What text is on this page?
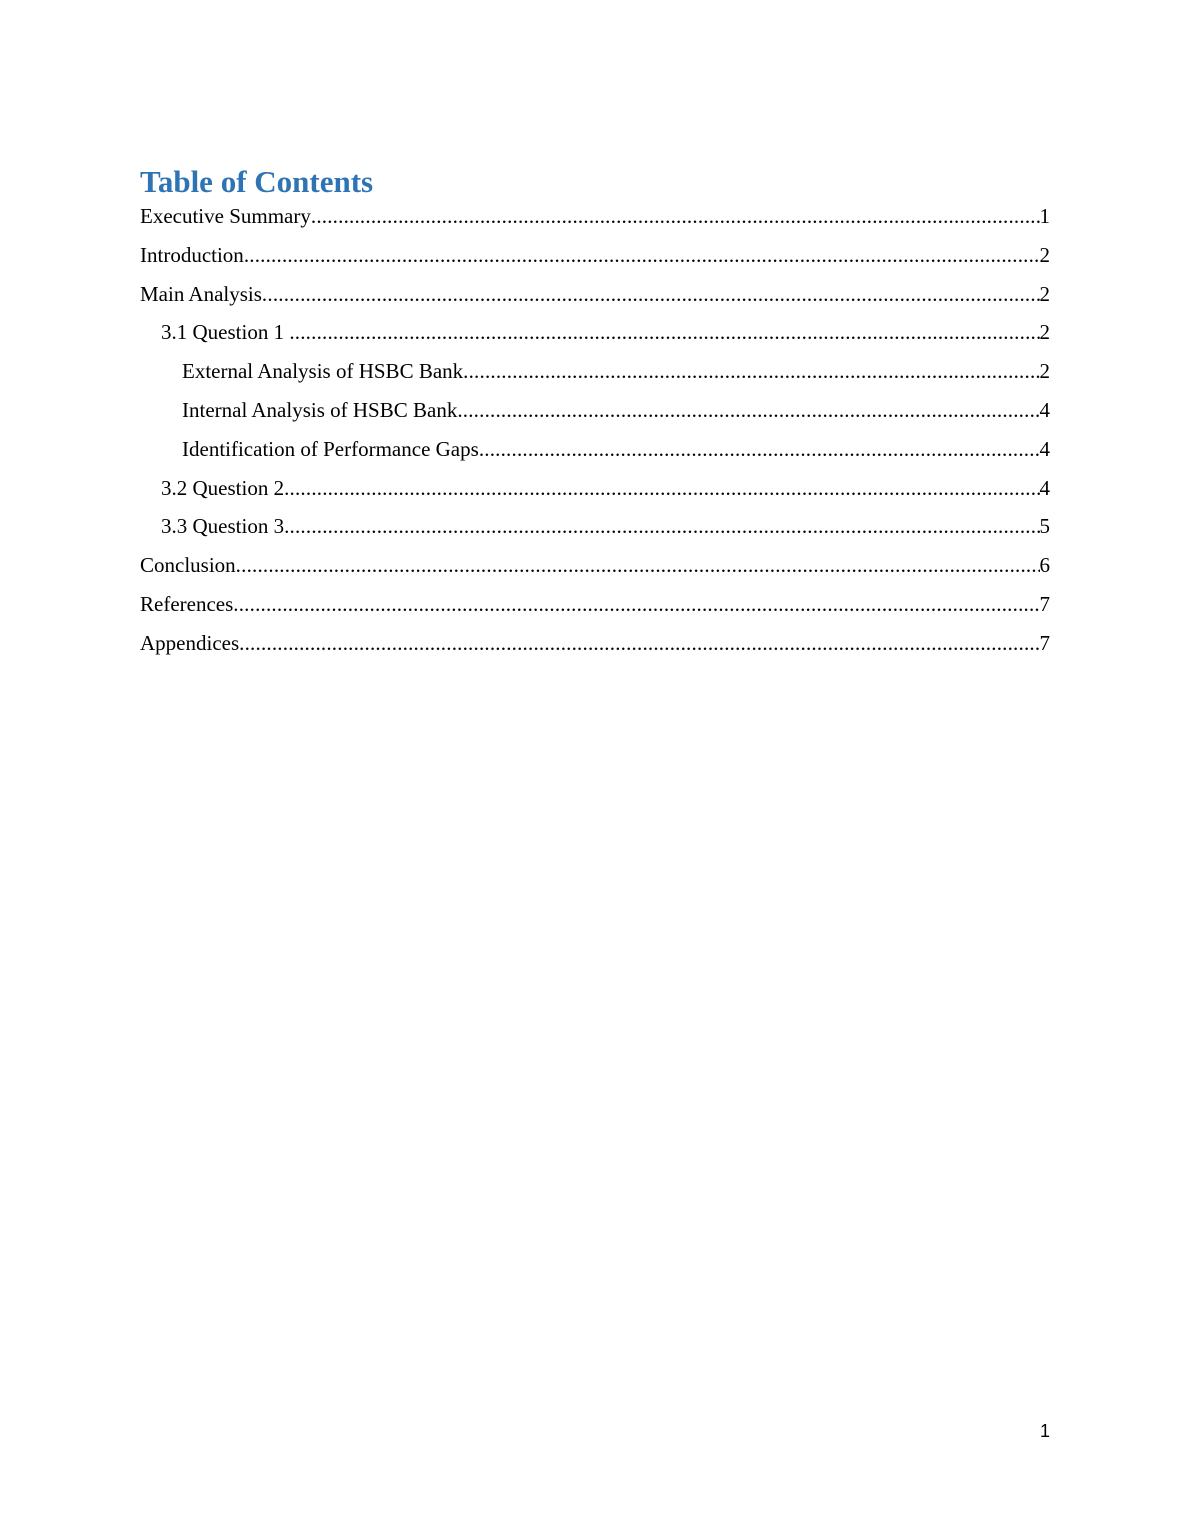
Table of Contents
Executive Summary .....	1
Introduction .....	2
Main Analysis .....	2
3.1 Question 1 .....	2
External Analysis of HSBC Bank .....	2
Internal Analysis of HSBC Bank .....	4
Identification of Performance Gaps .....	4
3.2 Question 2 .....	4
3.3 Question 3 .....	5
Conclusion .....	6
References .....	7
Appendices .....	7
1
